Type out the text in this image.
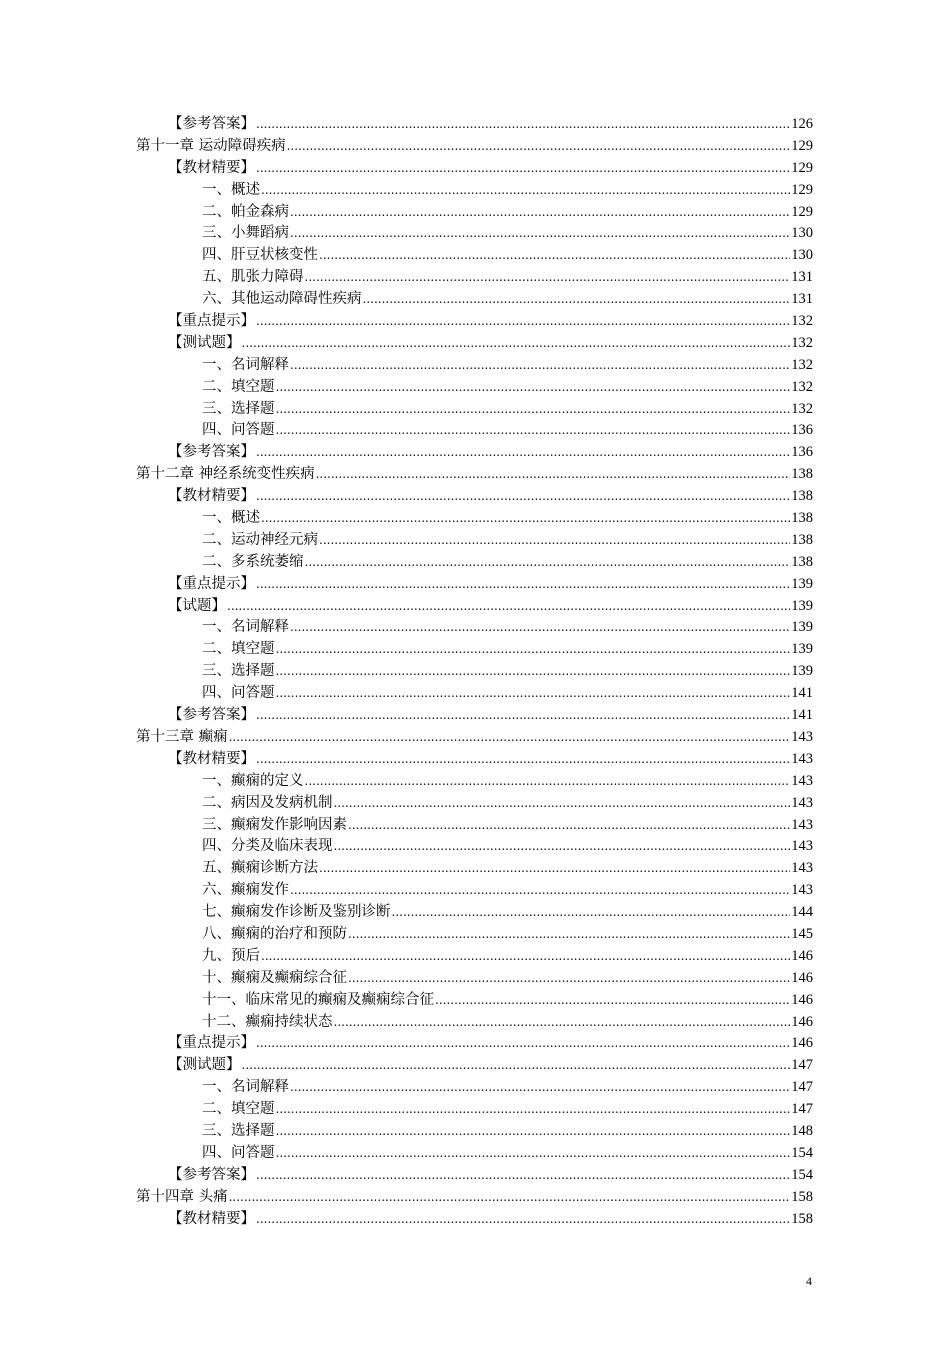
【参考答案】 .....	126
第十一章 运动障碍疾病 .....	129
【教材精要】 .....	129
一、概述 .....	129
二、帕金森病 .....	129
三、小舞蹈病 .....	130
四、肝豆状核变性 .....	130
五、肌张力障碍 .....	131
六、其他运动障碍性疾病 .....	131
【重点提示】 .....	132
【测试题】 .....	132
一、名词解释 .....	132
二、填空题 .....	132
三、选择题 .....	132
四、问答题 .....	136
【参考答案】 .....	136
第十二章 神经系统变性疾病 .....	138
【教材精要】 .....	138
一、概述 .....	138
二、运动神经元病 .....	138
二、多系统萎缩 .....	138
【重点提示】 .....	139
【试题】 .....	139
一、名词解释 .....	139
二、填空题 .....	139
三、选择题 .....	139
四、问答题 .....	141
【参考答案】 .....	141
第十三章 癫痫 .....	143
【教材精要】 .....	143
一、癫痫的定义 .....	143
二、病因及发病机制 .....	143
三、癫痫发作影响因素 .....	143
四、分类及临床表现 .....	143
五、癫痫诊断方法 .....	143
六、癫痫发作 .....	143
七、癫痫发作诊断及鉴别诊断 .....	144
八、癫痫的治疗和预防 .....	145
九、预后 .....	146
十、癫痫及癫痫综合征 .....	146
十一、临床常见的癫痫及癫痫综合征 .....	146
十二、癫痫持续状态 .....	146
【重点提示】 .....	146
【测试题】 .....	147
一、名词解释 .....	147
二、填空题 .....	147
三、选择题 .....	148
四、问答题 .....	154
【参考答案】 .....	154
第十四章 头痛 .....	158
【教材精要】 .....	158
4
